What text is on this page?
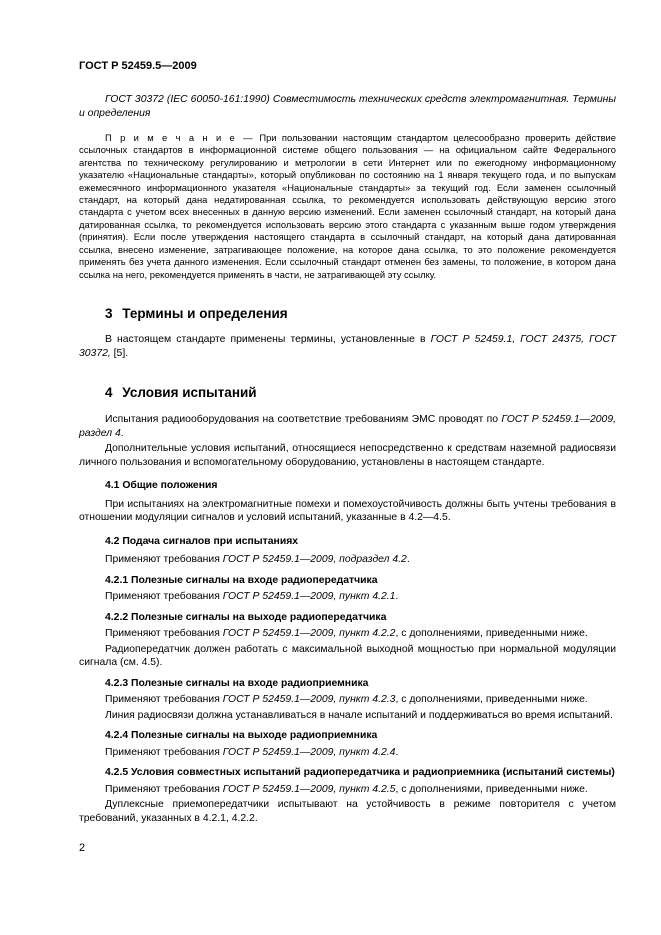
ГОСТ Р 52459.5—2009

ГОСТ 30372 (IEC 60050-161:1990) Совместимость технических средств электромагнитная. Термины и определения

П р и м е ч а н и е — При пользовании настоящим стандартом целесообразно проверить действие ссылочных стандартов в информационной системе общего пользования — на официальном сайте Федерального агентства по техническому регулированию и метрологии в сети Интернет или по ежегодному информационному указателю «Национальные стандарты», который опубликован по состоянию на 1 января текущего года, и по выпускам ежемесячного информационного указателя «Национальные стандарты» за текущий год. Если заменен ссылочный стандарт, на который дана недатированная ссылка, то рекомендуется использовать действующую версию этого стандарта с учетом всех внесенных в данную версию изменений. Если заменен ссылочный стандарт, на который дана датированная ссылка, то рекомендуется использовать версию этого стандарта с указанным выше годом утверждения (принятия). Если после утверждения настоящего стандарта в ссылочный стандарт, на который дана датированная ссылка, внесено изменение, затрагивающее положение, на которое дана ссылка, то это положение рекомендуется применять без учета данного изменения. Если ссылочный стандарт отменен без замены, то положение, в котором дана ссылка на него, рекомендуется применять в части, не затрагивающей эту ссылку.

3 Термины и определения

В настоящем стандарте применены термины, установленные в ГОСТ Р 52459.1, ГОСТ 24375, ГОСТ 30372, [5].

4 Условия испытаний

Испытания радиооборудования на соответствие требованиям ЭМС проводят по ГОСТ Р 52459.1—2009, раздел 4.

Дополнительные условия испытаний, относящиеся непосредственно к средствам наземной радиосвязи личного пользования и вспомогательному оборудованию, установлены в настоящем стандарте.

4.1 Общие положения

При испытаниях на электромагнитные помехи и помехоустойчивость должны быть учтены требования в отношении модуляции сигналов и условий испытаний, указанные в 4.2—4.5.

4.2 Подача сигналов при испытаниях

Применяют требования ГОСТ Р 52459.1—2009, подраздел 4.2.

4.2.1 Полезные сигналы на входе радиопередатчика

Применяют требования ГОСТ Р 52459.1—2009, пункт 4.2.1.

4.2.2 Полезные сигналы на выходе радиопередатчика

Применяют требования ГОСТ Р 52459.1—2009, пункт 4.2.2, с дополнениями, приведенными ниже.

Радиопередатчик должен работать с максимальной выходной мощностью при нормальной модуляции сигнала (см. 4.5).

4.2.3 Полезные сигналы на входе радиоприемника

Применяют требования ГОСТ Р 52459.1—2009, пункт 4.2.3, с дополнениями, приведенными ниже.

Линия радиосвязи должна устанавливаться в начале испытаний и поддерживаться во время испытаний.

4.2.4 Полезные сигналы на выходе радиоприемника

Применяют требования ГОСТ Р 52459.1—2009, пункт 4.2.4.

4.2.5 Условия совместных испытаний радиопередатчика и радиоприемника (испытаний системы)

Применяют требования ГОСТ Р 52459.1—2009, пункт 4.2.5, с дополнениями, приведенными ниже.

Дуплексные приемопередатчики испытывают на устойчивость в режиме повторителя с учетом требований, указанных в 4.2.1, 4.2.2.

2
